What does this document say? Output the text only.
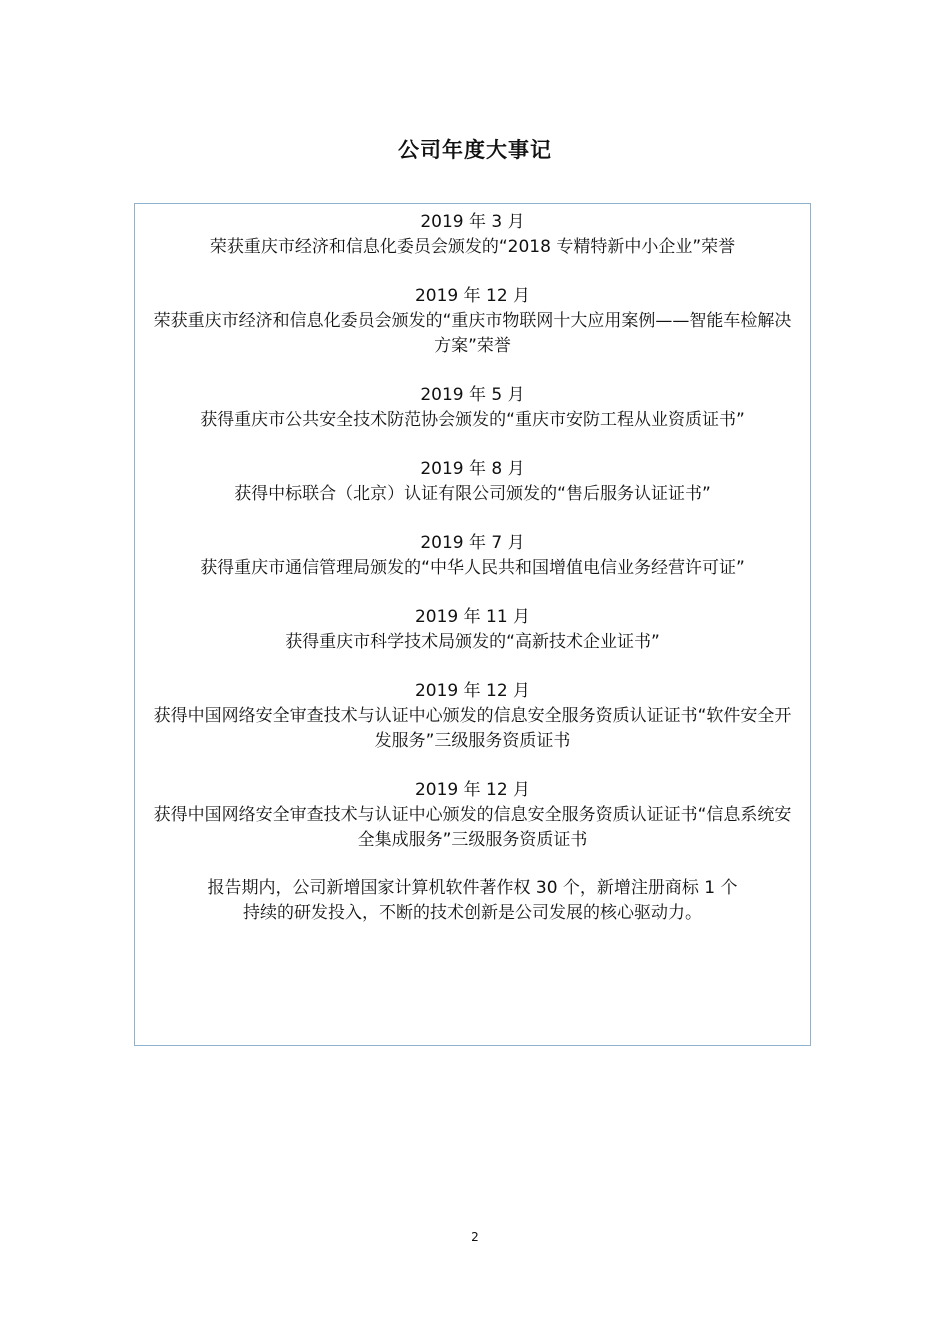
公司年度大事记
2019 年 3 月
荣获重庆市经济和信息化委员会颁发的“2018 专精特新中小企业”荣誉
2019 年 12 月
荣获重庆市经济和信息化委员会颁发的“重庆市物联网十大应用案例——智能车检解决方案”荣誉
2019 年 5 月
获得重庆市公共安全技术防范协会颁发的“重庆市安防工程从业资质证书”
2019 年 8 月
获得中标联合（北京）认证有限公司颁发的“售后服务认证证书”
2019 年 7 月
获得重庆市通信管理局颁发的“中华人民共和国增值电信业务经营许可证”
2019 年 11 月
获得重庆市科学技术局颁发的“高新技术企业证书”
2019 年 12 月
获得中国网络安全审查技术与认证中心颁发的信息安全服务资质认证证书“软件安全开发服务”三级服务资质证书
2019 年 12 月
获得中国网络安全审查技术与认证中心颁发的信息安全服务资质认证证书“信息系统安全集成服务”三级服务资质证书
报告期内，公司新增国家计算机软件著作权 30 个，新增注册商标 1 个
持续的研发投入，不断的技术创新是公司发展的核心驱动力。
2
